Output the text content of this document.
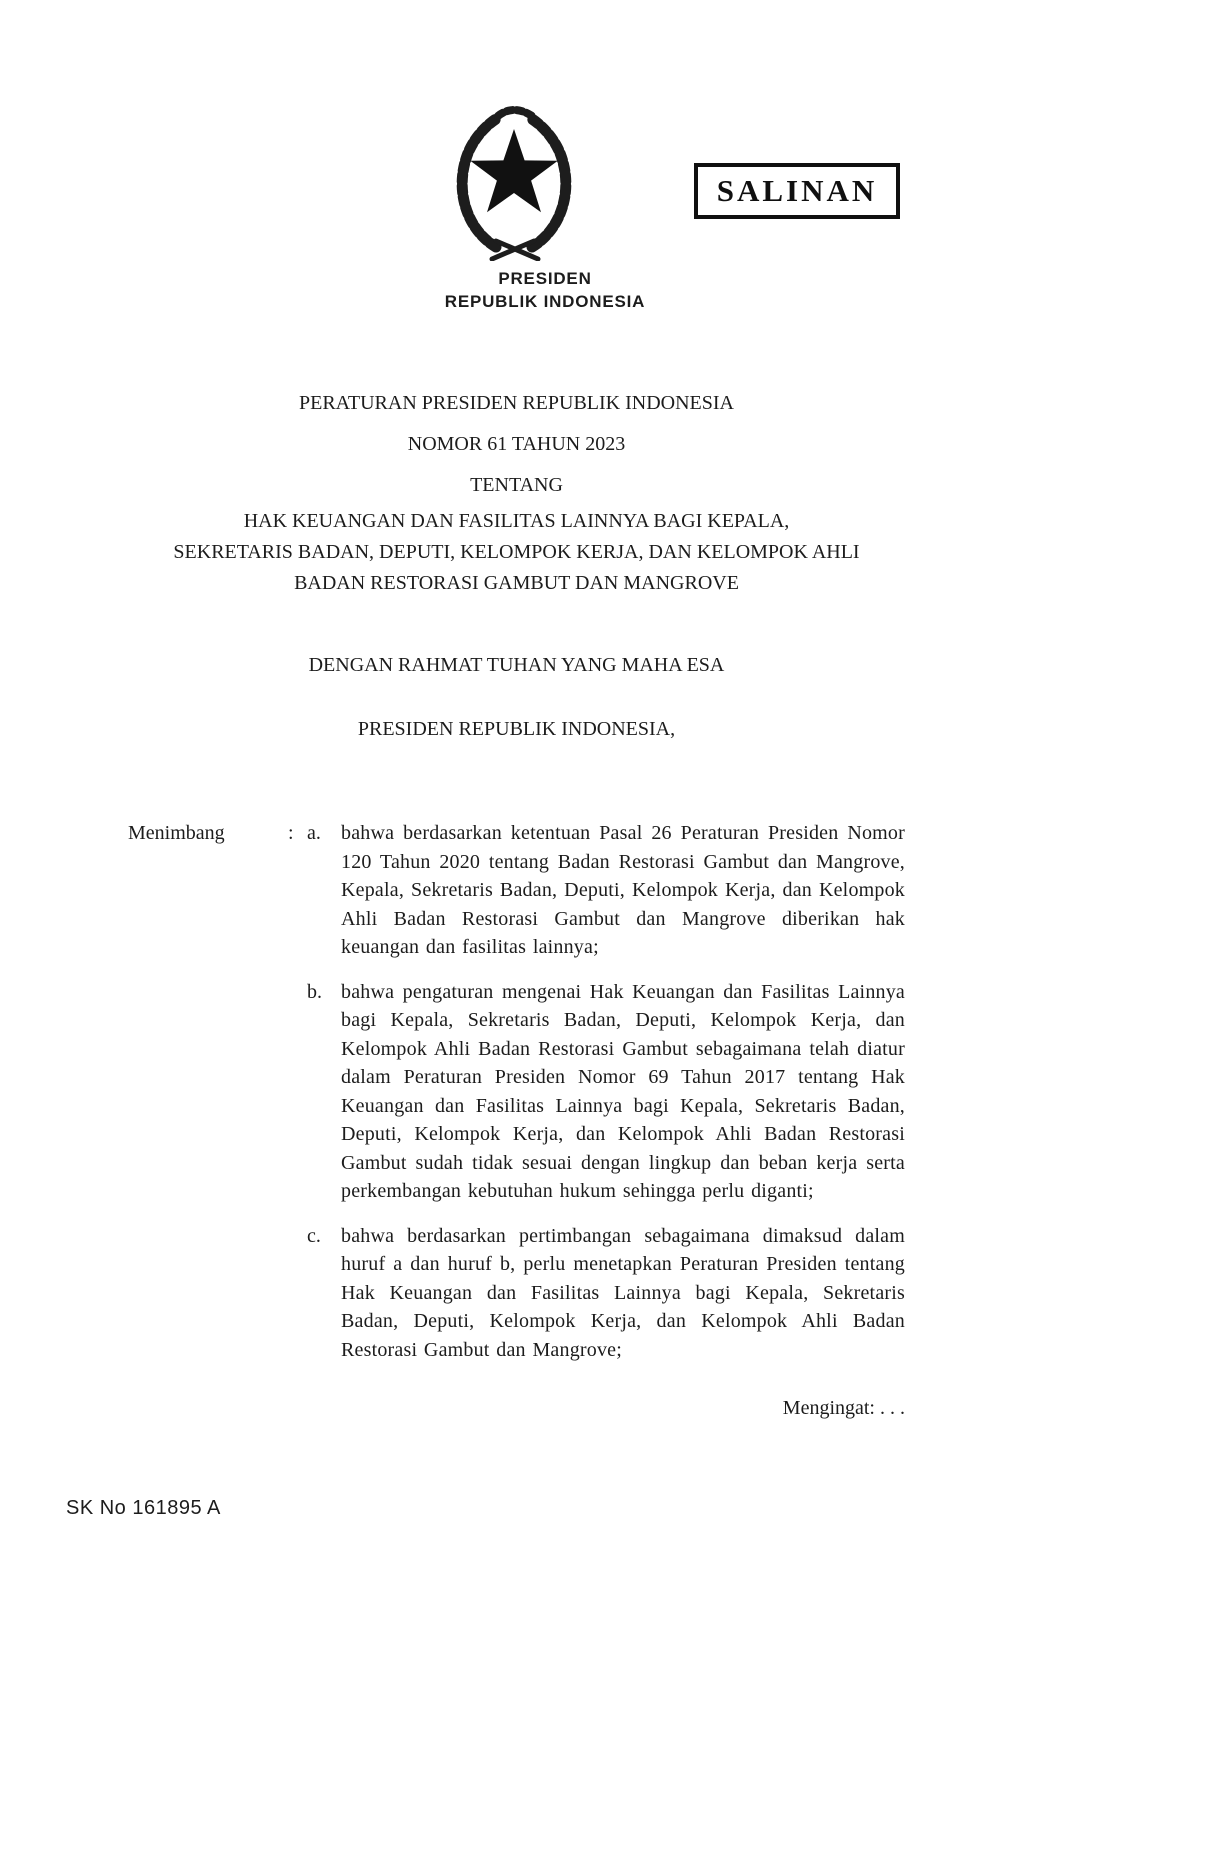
SALINAN
PRESIDEN
REPUBLIK INDONESIA
PERATURAN PRESIDEN REPUBLIK INDONESIA
NOMOR 61 TAHUN 2023
TENTANG
HAK KEUANGAN DAN FASILITAS LAINNYA BAGI KEPALA,
SEKRETARIS BADAN, DEPUTI, KELOMPOK KERJA, DAN KELOMPOK AHLI
BADAN RESTORASI GAMBUT DAN MANGROVE
DENGAN RAHMAT TUHAN YANG MAHA ESA
PRESIDEN REPUBLIK INDONESIA,
Menimbang	: a.	bahwa berdasarkan ketentuan Pasal 26 Peraturan Presiden Nomor 120 Tahun 2020 tentang Badan Restorasi Gambut dan Mangrove, Kepala, Sekretaris Badan, Deputi, Kelompok Kerja, dan Kelompok Ahli Badan Restorasi Gambut dan Mangrove diberikan hak keuangan dan fasilitas lainnya;
b. bahwa pengaturan mengenai Hak Keuangan dan Fasilitas Lainnya bagi Kepala, Sekretaris Badan, Deputi, Kelompok Kerja, dan Kelompok Ahli Badan Restorasi Gambut sebagaimana telah diatur dalam Peraturan Presiden Nomor 69 Tahun 2017 tentang Hak Keuangan dan Fasilitas Lainnya bagi Kepala, Sekretaris Badan, Deputi, Kelompok Kerja, dan Kelompok Ahli Badan Restorasi Gambut sudah tidak sesuai dengan lingkup dan beban kerja serta perkembangan kebutuhan hukum sehingga perlu diganti;
c.	bahwa berdasarkan pertimbangan sebagaimana dimaksud dalam huruf a dan huruf b, perlu menetapkan Peraturan Presiden tentang Hak Keuangan dan Fasilitas Lainnya bagi Kepala, Sekretaris Badan, Deputi, Kelompok Kerja, dan Kelompok Ahli Badan Restorasi Gambut dan Mangrove;
Mengingat: . . .
SK No 161895 A
